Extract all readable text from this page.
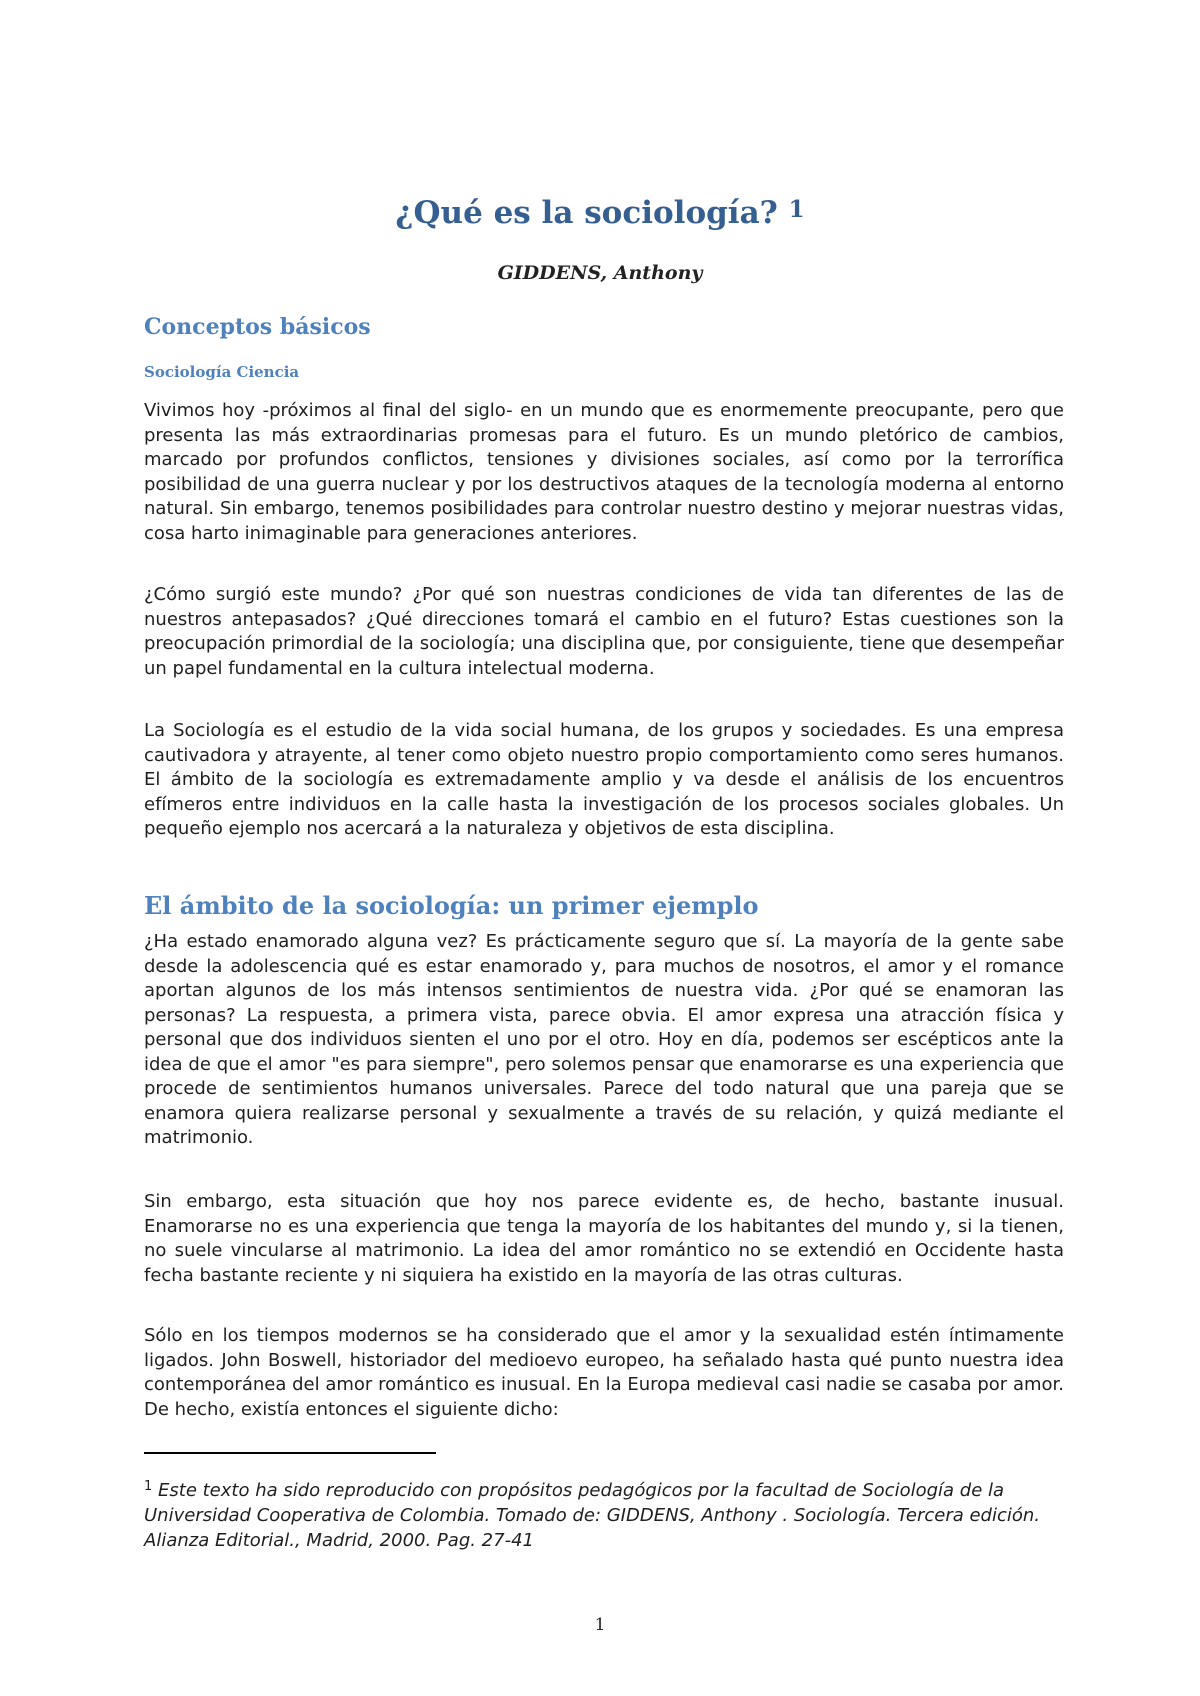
¿Qué es la sociología? $^1$

GIDDENS, Anthony

Conceptos básicos
Sociología Ciencia

Vivimos hoy -próximos al final del siglo- en un mundo que es enormemente preocupante, pero que presenta las más extraordinarias promesas para el futuro. Es un mundo pletórico de cambios, marcado por profundos conflictos, tensiones y divisiones sociales, así como por la terrorífica posibilidad de una guerra nuclear y por los destructivos ataques de la tecnología moderna al entorno natural. Sin embargo, tenemos posibilidades para controlar nuestro destino y mejorar nuestras vidas, cosa harto inimaginable para generaciones anteriores.

¿Cómo surgió este mundo? ¿Por qué son nuestras condiciones de vida tan diferentes de las de nuestros antepasados? ¿Qué direcciones tomará el cambio en el futuro? Estas cuestiones son la preocupación primordial de la sociología; una disciplina que, por consiguiente, tiene que desempeñar un papel fundamental en la cultura intelectual moderna.

La Sociología es el estudio de la vida social humana, de los grupos y sociedades. Es una empresa cautivadora y atrayente, al tener como objeto nuestro propio comportamiento como seres humanos. El ámbito de la sociología es extremadamente amplio y va desde el análisis de los encuentros efímeros entre individuos en la calle hasta la investigación de los procesos sociales globales. Un pequeño ejemplo nos acercará a la naturaleza y objetivos de esta disciplina.

El ámbito de la sociología: un primer ejemplo

¿Ha estado enamorado alguna vez? Es prácticamente seguro que sí. La mayoría de la gente sabe desde la adolescencia qué es estar enamorado y, para muchos de nosotros, el amor y el romance aportan algunos de los más intensos sentimientos de nuestra vida. ¿Por qué se enamoran las personas? La respuesta, a primera vista, parece obvia. El amor expresa una atracción física y personal que dos individuos sienten el uno por el otro. Hoy en día, podemos ser escépticos ante la idea de que el amor "es para siempre", pero solemos pensar que enamorarse es una experiencia que procede de sentimientos humanos universales. Parece del todo natural que una pareja que se enamora quiera realizarse personal y sexualmente a través de su relación, y quizá mediante el matrimonio.

Sin embargo, esta situación que hoy nos parece evidente es, de hecho, bastante inusual. Enamorarse no es una experiencia que tenga la mayoría de los habitantes del mundo y, si la tienen, no suele vincularse al matrimonio. La idea del amor romántico no se extendió en Occidente hasta fecha bastante reciente y ni siquiera ha existido en la mayoría de las otras culturas.

Sólo en los tiempos modernos se ha considerado que el amor y la sexualidad estén íntimamente ligados. John Boswell, historiador del medioevo europeo, ha señalado hasta qué punto nuestra idea contemporánea del amor romántico es inusual. En la Europa medieval casi nadie se casaba por amor. De hecho, existía entonces el siguiente dicho:

$^1$ Este texto ha sido reproducido con propósitos pedagógicos por la facultad de Sociología de la Universidad Cooperativa de Colombia. Tomado de: GIDDENS, Anthony . Sociología. Tercera edición. Alianza Editorial., Madrid, 2000. Pag. 27-41

1
